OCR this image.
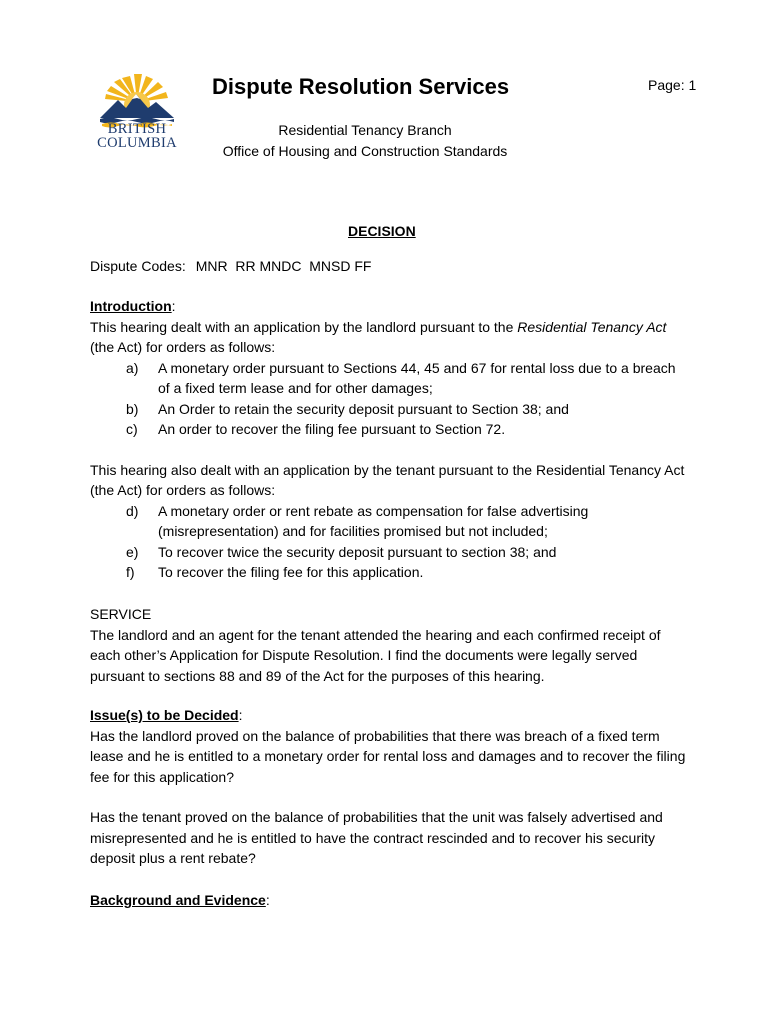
BRITISH
COLUMBIA
Dispute Resolution Services	Page: 1
Residential Tenancy Branch
Office of Housing and Construction Standards
DECISION
Dispute Codes: MNR  RR MNDC  MNSD FF

Introduction:

This hearing dealt with an application by the landlord pursuant to the Residential Tenancy Act (the Act) for orders as follows:

a)	A monetary order pursuant to Sections 44, 45 and 67 for rental loss due to a breach of a fixed term lease and for other damages;
b)	An Order to retain the security deposit pursuant to Section 38; and
c)	An order to recover the filing fee pursuant to Section 72.

This hearing also dealt with an application by the tenant pursuant to the Residential Tenancy Act (the Act) for orders as follows:

d)	A monetary order or rent rebate as compensation for false advertising (misrepresentation) and for facilities promised but not included;
e)	To recover twice the security deposit pursuant to section 38; and
f)	To recover the filing fee for this application.

SERVICE

The landlord and an agent for the tenant attended the hearing and each confirmed receipt of each other’s Application for Dispute Resolution. I find the documents were legally served pursuant to sections 88 and 89 of the Act for the purposes of this hearing.

Issue(s) to be Decided:

Has the landlord proved on the balance of probabilities that there was breach of a fixed term lease and he is entitled to a monetary order for rental loss and damages and to recover the filing fee for this application?

Has the tenant proved on the balance of probabilities that the unit was falsely advertised and misrepresented and he is entitled to have the contract rescinded and to recover his security deposit plus a rent rebate?

Background and Evidence:
